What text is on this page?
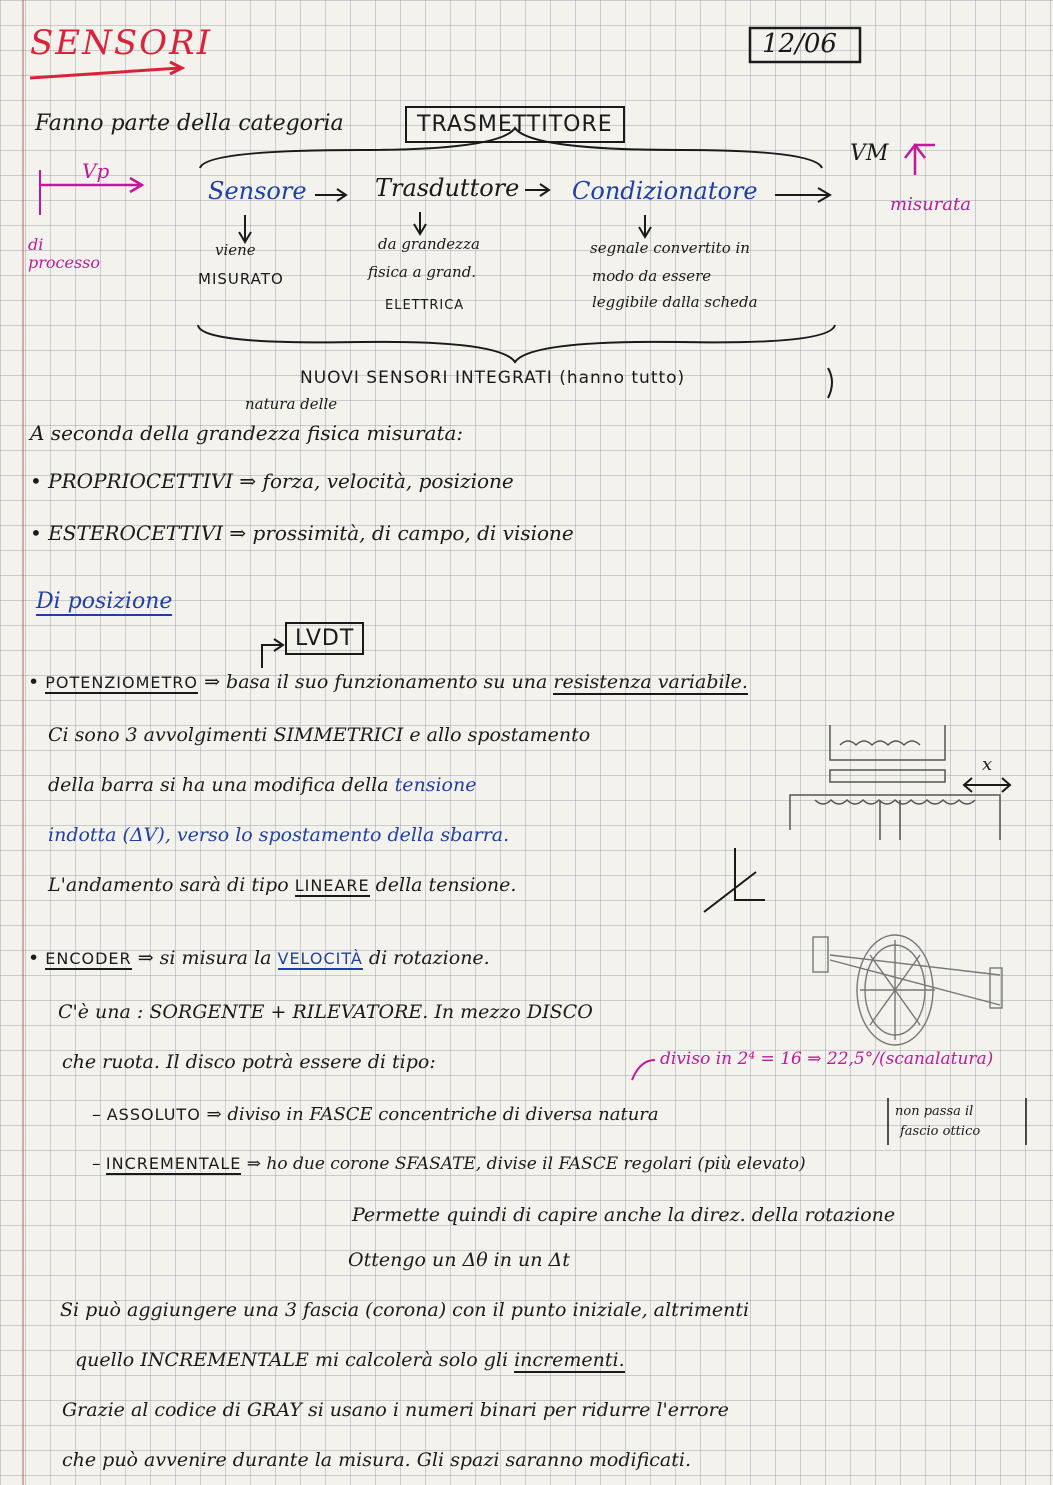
SENSORI	12/06
Fanno parte della categoria	TRASMETTITORE
Vp
di processo
VM
misurata
Sensore	Trasduttore Condizionatore
viene
MISURATO
da grandezza
fisica a grand.
ELETTRICA
segnale convertito in
modo da essere
leggibile dalla scheda
NUOVI SENSORI INTEGRATI (hanno tutto)
natura delle
A seconda della grandezza fisica misurata:
• PROPRIOCETTIVI ⇒ forza, velocità, posizione
• ESTEROCETTIVI ⇒ prossimità, di campo, di visione
Di posizione
LVDT
• POTENZIOMETRO ⇒ basa il suo funzionamento su una resistenza variabile.
Ci sono 3 avvolgimenti SIMMETRICI e allo spostamento
della barra si ha una modifica della tensione
indotta (ΔV), verso lo spostamento della sbarra.
L'andamento sarà di tipo LINEARE della tensione.
x
• ENCODER ⇒ si misura la VELOCITÀ di rotazione.
C'è una : SORGENTE + RILEVATORE. In mezzo DISCO
che ruota. Il disco potrà essere di tipo:	diviso in 2⁴ = 16 ⇒ 22,5°/(scanalatura)
– ASSOLUTO ⇒ diviso in FASCE concentriche di diversa natura	non passa il
fascio ottico
– INCREMENTALE ⇒ ho due corone SFASATE, divise il FASCE regolari (più elevato)
Permette quindi di capire anche la direz. della rotazione
Ottengo un Δθ in un Δt
Si può aggiungere una 3 fascia (corona) con il punto iniziale, altrimenti
quello INCREMENTALE mi calcolerà solo gli incrementi.
Grazie al codice di GRAY si usano i numeri binari per ridurre l'errore
che può avvenire durante la misura. Gli spazi saranno modificati.
